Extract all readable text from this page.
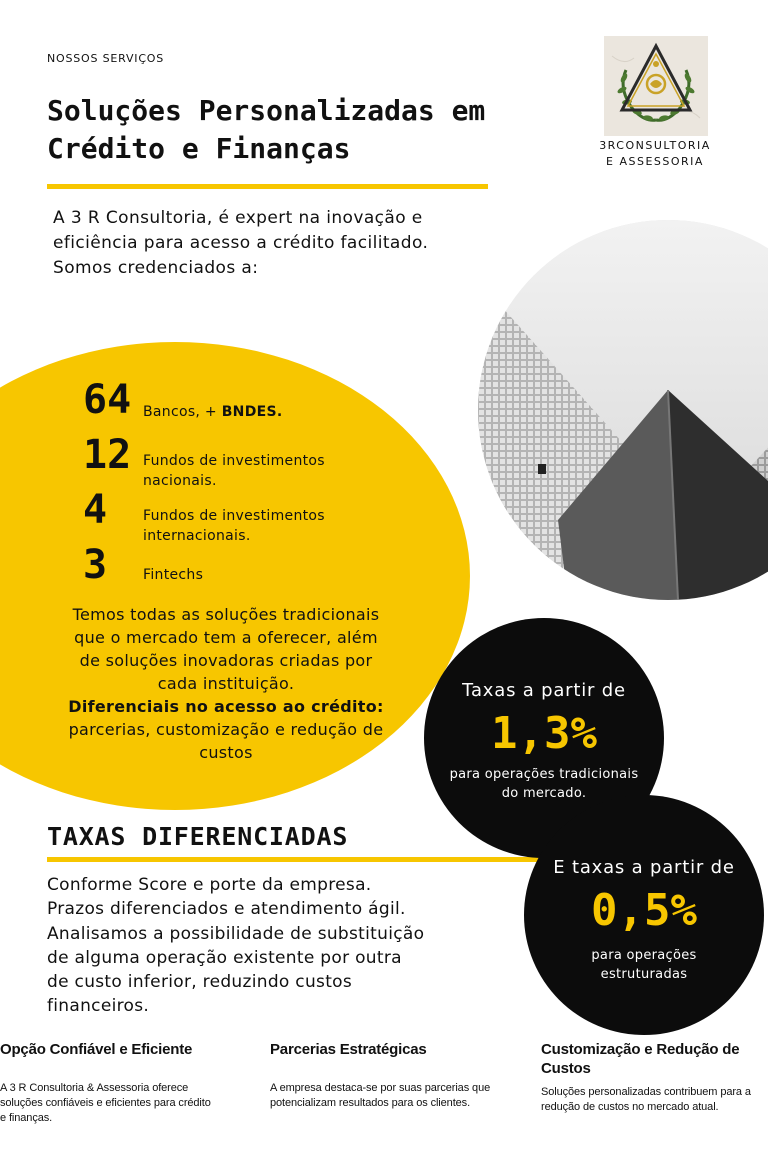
NOSSOS SERVIÇOS
Soluções Personalizadas em
Crédito e Finanças	3RCONSULTORIA
E ASSESSORIA
A 3 R Consultoria, é expert na inovação e
eficiência para acesso a crédito facilitado.
Somos credenciados a:
64 Bancos, + BNDES.
12 Fundos de investimentos
nacionais.
4	Fundos de investimentos
internacionais.
3	Fintechs
Temos todas as soluções tradicionais
que o mercado tem a oferecer, além
de soluções inovadoras criadas por
cada instituição.
Diferenciais no acesso ao crédito:
parcerias, customização e redução de
custos
TAXAS DIFERENCIADAS
Conforme Score e porte da empresa.
Prazos diferenciados e atendimento ágil.
Analisamos a possibilidade de substituição
de alguma operação existente por outra
de custo inferior, reduzindo custos
financeiros.
Taxas a partir de
1,3%
para operações tradicionais
do mercado.
E taxas a partir de
0,5%
para operações
estruturadas
Opção Confiável e Eficiente

A 3 R Consultoria & Assessoria oferece
soluções confiáveis e eficientes para crédito
e finanças.

Parcerias Estratégicas

A empresa destaca-se por suas parcerias que
potencializam resultados para os clientes.

Customização e Redução de
Custos

Soluções personalizadas contribuem para a
redução de custos no mercado atual.
